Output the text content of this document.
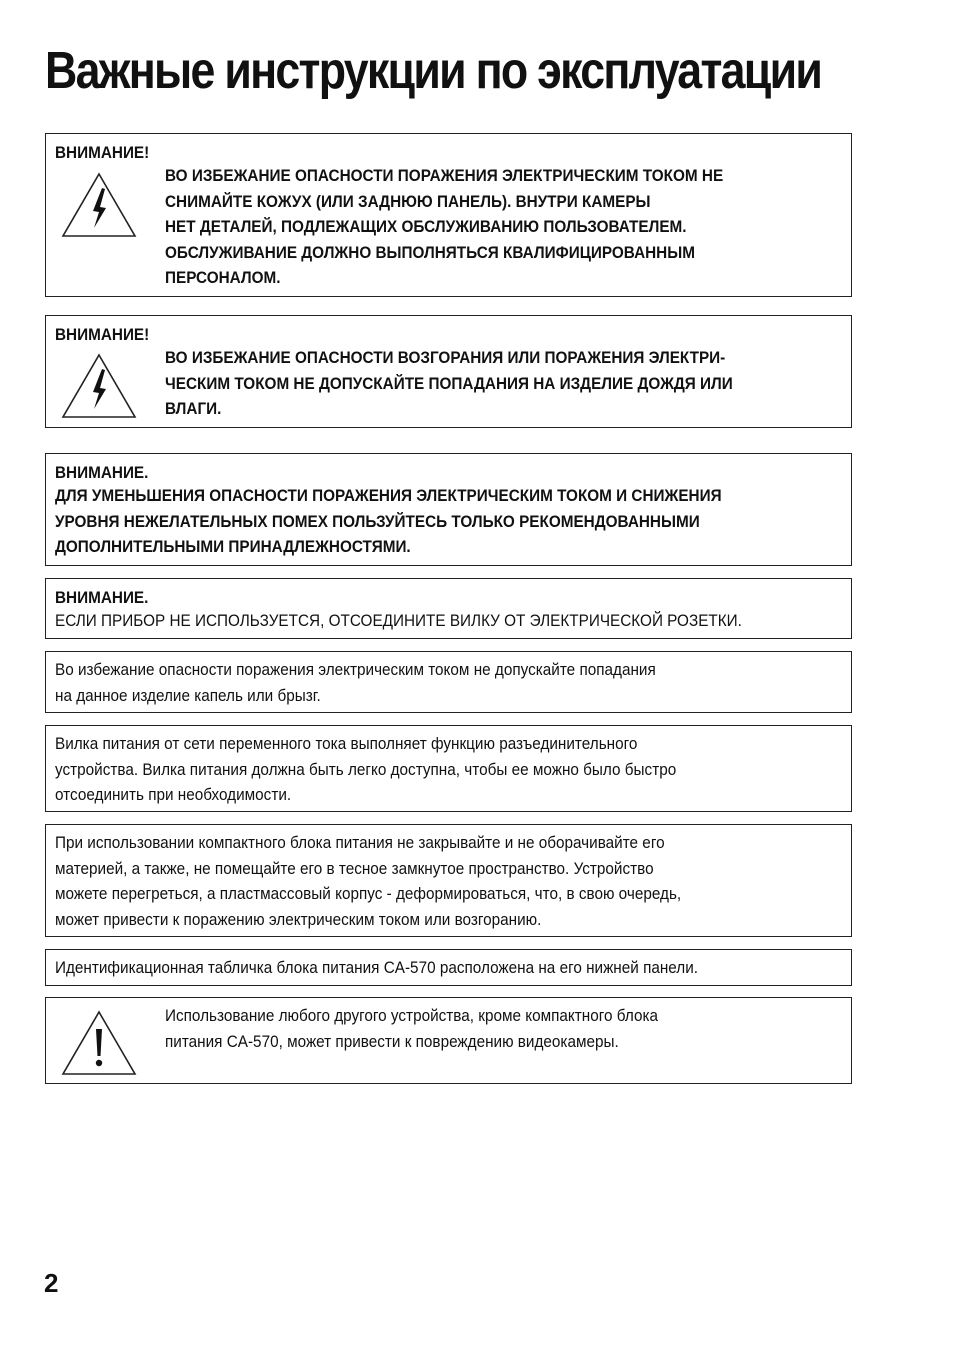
Важные инструкции по эксплуатации
ВНИМАНИЕ!
ВО ИЗБЕЖАНИЕ ОПАСНОСТИ ПОРАЖЕНИЯ ЭЛЕКТРИЧЕСКИМ ТОКОМ НЕ
СНИМАЙТЕ КОЖУХ (ИЛИ ЗАДНЮЮ ПАНЕЛЬ). ВНУТРИ КАМЕРЫ
НЕТ ДЕТАЛЕЙ, ПОДЛЕЖАЩИХ ОБСЛУЖИВАНИЮ ПОЛЬЗОВАТЕЛЕМ.
ОБСЛУЖИВАНИЕ ДОЛЖНО ВЫПОЛНЯТЬСЯ КВАЛИФИЦИРОВАННЫМ
ПЕРСОНАЛОМ.
ВНИМАНИЕ!
ВО ИЗБЕЖАНИЕ ОПАСНОСТИ ВОЗГОРАНИЯ ИЛИ ПОРАЖЕНИЯ ЭЛЕКТРИ-
ЧЕСКИМ ТОКОМ НЕ ДОПУСКАЙТЕ ПОПАДАНИЯ НА ИЗДЕЛИЕ ДОЖДЯ ИЛИ
ВЛАГИ.
ВНИМАНИЕ.
ДЛЯ УМЕНЬШЕНИЯ ОПАСНОСТИ ПОРАЖЕНИЯ ЭЛЕКТРИЧЕСКИМ ТОКОМ И СНИЖЕНИЯ
УРОВНЯ НЕЖЕЛАТЕЛЬНЫХ ПОМЕХ ПОЛЬЗУЙТЕСЬ ТОЛЬКО РЕКОМЕНДОВАННЫМИ
ДОПОЛНИТЕЛЬНЫМИ ПРИНАДЛЕЖНОСТЯМИ.
ВНИМАНИЕ.
ЕСЛИ ПРИБОР НЕ ИСПОЛЬЗУЕТСЯ, ОТСОЕДИНИТЕ ВИЛКУ ОТ ЭЛЕКТРИЧЕСКОЙ РОЗЕТКИ.
Во избежание опасности поражения электрическим током не допускайте попадания
на данное изделие капель или брызг.
Вилка питания от сети переменного тока выполняет функцию разъединительного
устройства. Вилка питания должна быть легко доступна, чтобы ее можно было быстро
отсоединить при необходимости.
При использовании компактного блока питания не закрывайте и не оборачивайте его
материей, а также, не помещайте его в тесное замкнутое пространство. Устройство
можете перегреться, а пластмассовый корпус - деформироваться, что, в свою очередь,
может привести к поражению электрическим током или возгоранию.
Идентификационная табличка блока питания CA-570 расположена на его нижней панели.
Использование любого другого устройства, кроме компактного блока
питания CA-570, может привести к повреждению видеокамеры.

2
